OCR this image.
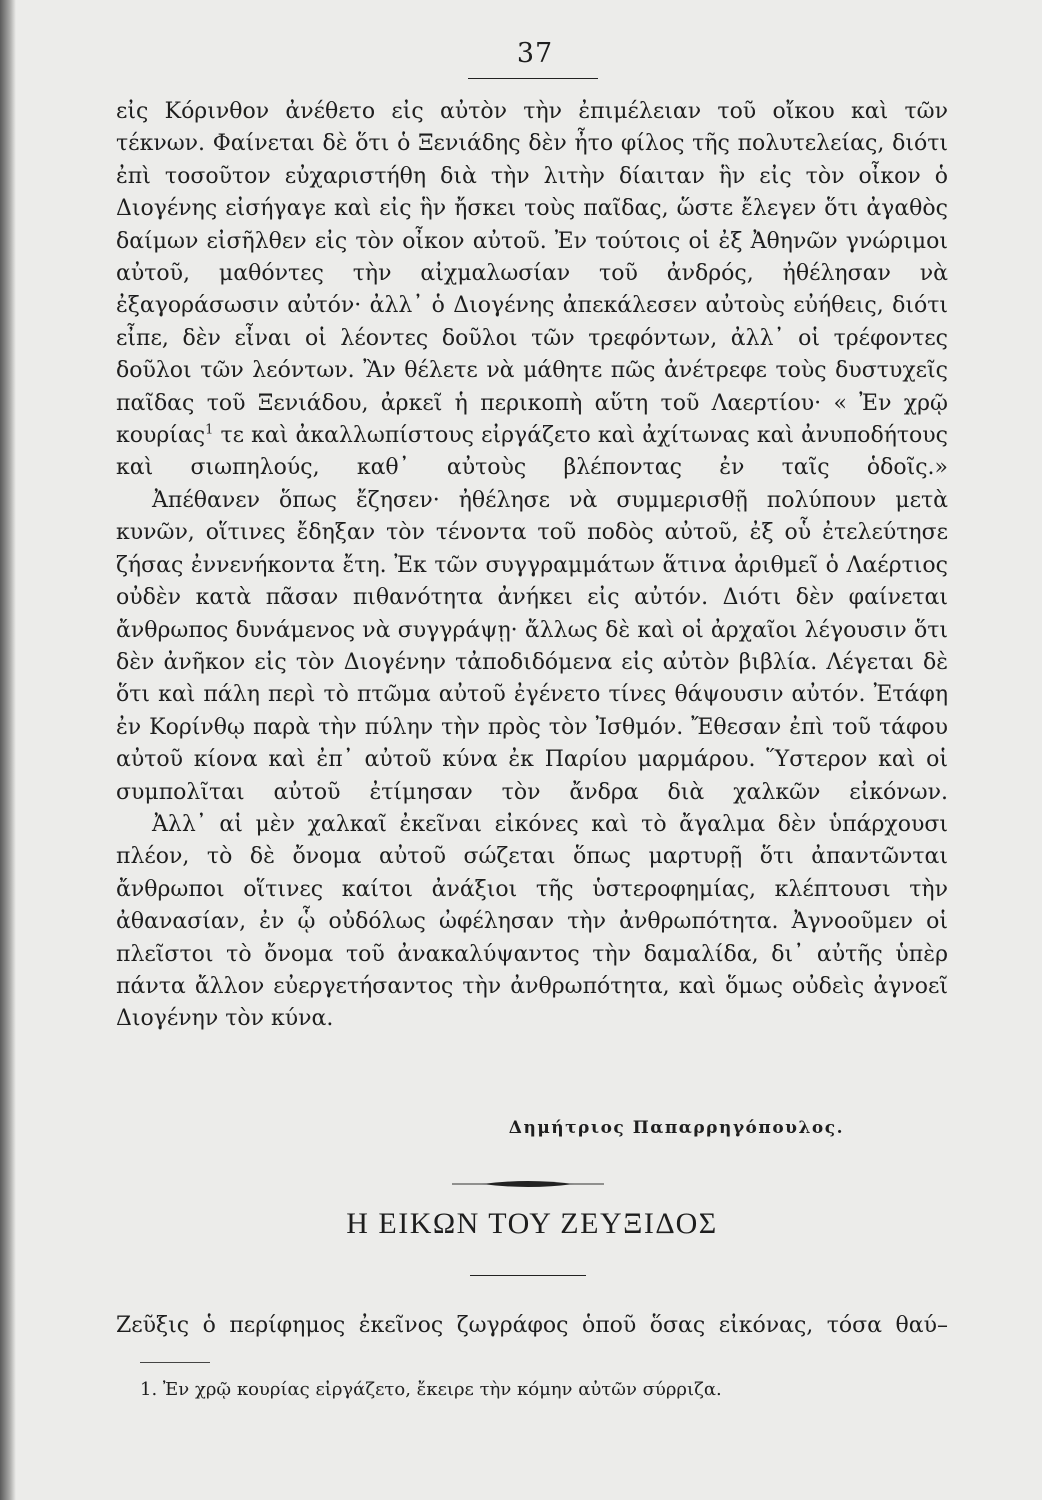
37

εἰς Κόρινθον ἀνέθετο εἰς αὐτὸν τὴν ἐπιμέλειαν τοῦ οἴκου καὶ τῶν τέκνων. Φαίνεται δὲ ὅτι ὁ Ξενιάδης δὲν ἦτο φίλος τῆς πολυτελείας, διότι ἐπὶ τοσοῦτον εὐχαριστήθη διὰ τὴν λιτὴν δίαιταν ἣν εἰς τὸν οἶκον ὁ Διογένης εἰσήγαγε καὶ εἰς ἣν ἤσκει τοὺς παῖδας, ὥστε ἔλεγεν ὅτι ἀγαθὸς δαίμων εἰσῆλθεν εἰς τὸν οἶκον αὐτοῦ. Ἐν τούτοις οἱ ἐξ Ἀθηνῶν γνώριμοι αὐτοῦ, μαθόντες τὴν αἰχμαλωσίαν τοῦ ἀνδρός, ἠθέλησαν νὰ ἐξαγοράσωσιν αὐτόν· ἀλλ᾽ ὁ Διογένης ἀπεκάλεσεν αὐτοὺς εὐήθεις, διότι εἶπε, δὲν εἶναι οἱ λέοντες δοῦλοι τῶν τρεφόντων, ἀλλ᾽ οἱ τρέφοντες δοῦλοι τῶν λεόντων. Ἂν θέλετε νὰ μάθητε πῶς ἀνέτρεφε τοὺς δυστυχεῖς παῖδας τοῦ Ξενιάδου, ἀρκεῖ ἡ περικοπὴ αὕτη τοῦ Λαερτίου· « Ἐν χρῷ κουρίας$^1$ τε καὶ ἀκαλλωπίστους εἰργάζετο καὶ ἀχίτωνας καὶ ἀνυποδήτους καὶ σιωπηλούς, καθ᾽ αὐτοὺς βλέποντας ἐν ταῖς ὁδοῖς.»

Ἀπέθανεν ὅπως ἔζησεν· ἠθέλησε νὰ συμμερισθῇ πολύπουν μετὰ κυνῶν, οἵτινες ἔδηξαν τὸν τένοντα τοῦ ποδὸς αὐτοῦ, ἐξ οὗ ἐτελεύτησε ζήσας ἐννενήκοντα ἔτη. Ἐκ τῶν συγγραμμάτων ἅτινα ἀριθμεῖ ὁ Λαέρτιος οὐδὲν κατὰ πᾶσαν πιθανότητα ἀνήκει εἰς αὐτόν. Διότι δὲν φαίνεται ἄνθρωπος δυνάμενος νὰ συγγράψῃ· ἄλλως δὲ καὶ οἱ ἀρχαῖοι λέγουσιν ὅτι δὲν ἀνῆκον εἰς τὸν Διογένην τἀποδιδόμενα εἰς αὐτὸν βιβλία. Λέγεται δὲ ὅτι καὶ πάλη περὶ τὸ πτῶμα αὐτοῦ ἐγένετο τίνες θάψουσιν αὐτόν. Ἐτάφη ἐν Κορίνθῳ παρὰ τὴν πύλην τὴν πρὸς τὸν Ἰσθμόν. Ἔθεσαν ἐπὶ τοῦ τάφου αὐτοῦ κίονα καὶ ἐπ᾽ αὐτοῦ κύνα ἐκ Παρίου μαρμάρου. Ὕστερον καὶ οἱ συμπολῖται αὐτοῦ ἐτίμησαν τὸν ἄνδρα διὰ χαλκῶν εἰκόνων.

Ἀλλ᾽ αἱ μὲν χαλκαῖ ἐκεῖναι εἰκόνες καὶ τὸ ἄγαλμα δὲν ὑπάρχουσι πλέον, τὸ δὲ ὄνομα αὐτοῦ σώζεται ὅπως μαρτυρῇ ὅτι ἀπαντῶνται ἄνθρωποι οἵτινες καίτοι ἀνάξιοι τῆς ὑστεροφημίας, κλέπτουσι τὴν ἀθανασίαν, ἐν ᾧ οὐδόλως ὠφέλησαν τὴν ἀνθρωπότητα. Ἀγνοοῦμεν οἱ πλεῖστοι τὸ ὄνομα τοῦ ἀνακαλύψαντος τὴν δαμαλίδα, δι᾽ αὐτῆς ὑπὲρ πάντα ἄλλον εὐεργετήσαντος τὴν ἀνθρωπότητα, καὶ ὅμως οὐδεὶς ἀγνοεῖ Διογένην τὸν κύνα.

Δημήτριος Παπαρρηγόπουλος.
Η ΕΙΚΩΝ ΤΟΥ ΖΕΥΞΙΔΟΣ

Ζεῦξις ὁ περίφημος ἐκεῖνος ζωγράφος ὁποῦ ὅσας εἰκόνας, τόσα θαύ–

1. Ἐν χρῷ κουρίας εἰργάζετο, ἔκειρε τὴν κόμην αὐτῶν σύρριζα.
